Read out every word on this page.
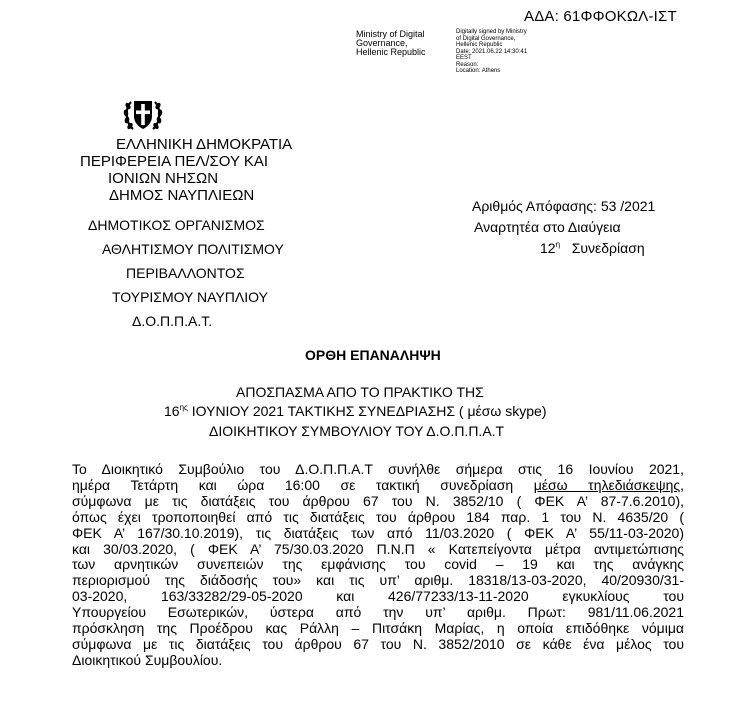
ΑΔΑ: 61ΦΦΟΚΩΛ-ΙΣΤ
Ministry of Digital
Governance,
Hellenic Republic
Digitally signed by Ministry
of Digital Governance,
Hellenic Republic
Date: 2021.06.22 14:30:41
EEST
Reason:
Location: Athens
ΕΛΛΗΝΙΚΗ ΔΗΜΟΚΡΑΤΙΑ
ΠΕΡΙΦΕΡΕΙΑ ΠΕΛ/ΣΟΥ ΚΑΙ
ΙΟΝΙΩΝ ΝΗΣΩΝ
ΔΗΜΟΣ ΝΑΥΠΛΙΕΩΝ
ΔΗΜΟΤΙΚΟΣ ΟΡΓΑΝΙΣΜΟΣ
ΑΘΛΗΤΙΣΜΟΥ ΠΟΛΙΤΙΣΜΟΥ
ΠΕΡΙΒΑΛΛΟΝΤΟΣ
ΤΟΥΡΙΣΜΟΥ ΝΑΥΠΛΙΟΥ
Δ.Ο.Π.Π.Α.Τ.
Αριθμός Απόφασης: 53 /2021
Αναρτητέα στο Διαύγεια
$12^\eta$ Συνεδρίαση
ΟΡΘΗ ΕΠΑΝΑΛΗΨΗ
ΑΠΟΣΠΑΣΜΑ ΑΠΟ ΤΟ ΠΡΑΚΤΙΚΟ ΤΗΣ
$16^{\eta\varsigma}$ ΙΟΥΝΙΟΥ 2021 ΤΑΚΤΙΚΗΣ ΣΥΝΕΔΡΙΑΣΗΣ ( μέσω skype)
ΔΙΟΙΚΗΤΙΚΟΥ ΣΥΜΒΟΥΛΙΟΥ ΤΟΥ Δ.Ο.Π.Π.Α.Τ
Το Διοικητικό Συμβούλιο του Δ.Ο.Π.Π.Α.Τ συνήλθε σήμερα στις 16 Ιουνίου 2021,
ημέρα Τετάρτη και ώρα 16:00 σε τακτική συνεδρίαση μέσω τηλεδιάσκεψης,
σύμφωνα με τις διατάξεις του άρθρου 67 του Ν. 3852/10 ( ΦΕΚ Α’ 87-7.6.2010),
όπως έχει τροποποιηθεί από τις διατάξεις του άρθρου 184 παρ. 1 του Ν. 4635/20 (
ΦΕΚ Α’ 167/30.10.2019), τις διατάξεις των από 11/03.2020 ( ΦΕΚ Α’ 55/11-03-2020)
και 30/03.2020, ( ΦΕΚ Α’ 75/30.03.2020 Π.Ν.Π « Κατεπείγοντα μέτρα αντιμετώπισης
των αρνητικών συνεπειών της εμφάνισης του covid – 19 και της ανάγκης
περιορισμού της διάδοσής του» και τις υπ’ αριθμ. 18318/13-03-2020, 40/20930/31-
03-2020, 163/33282/29-05-2020 και 426/77233/13-11-2020 εγκυκλίους του
Υπουργείου Εσωτερικών, ύστερα από την υπ’ αριθμ. Πρωτ: 981/11.06.2021
πρόσκληση της Προέδρου κας Ράλλη – Πιτσάκη Μαρίας, η οποία επιδόθηκε νόμιμα
σύμφωνα με τις διατάξεις του άρθρου 67 του Ν. 3852/2010 σε κάθε ένα μέλος του
Διοικητικού Συμβουλίου.
